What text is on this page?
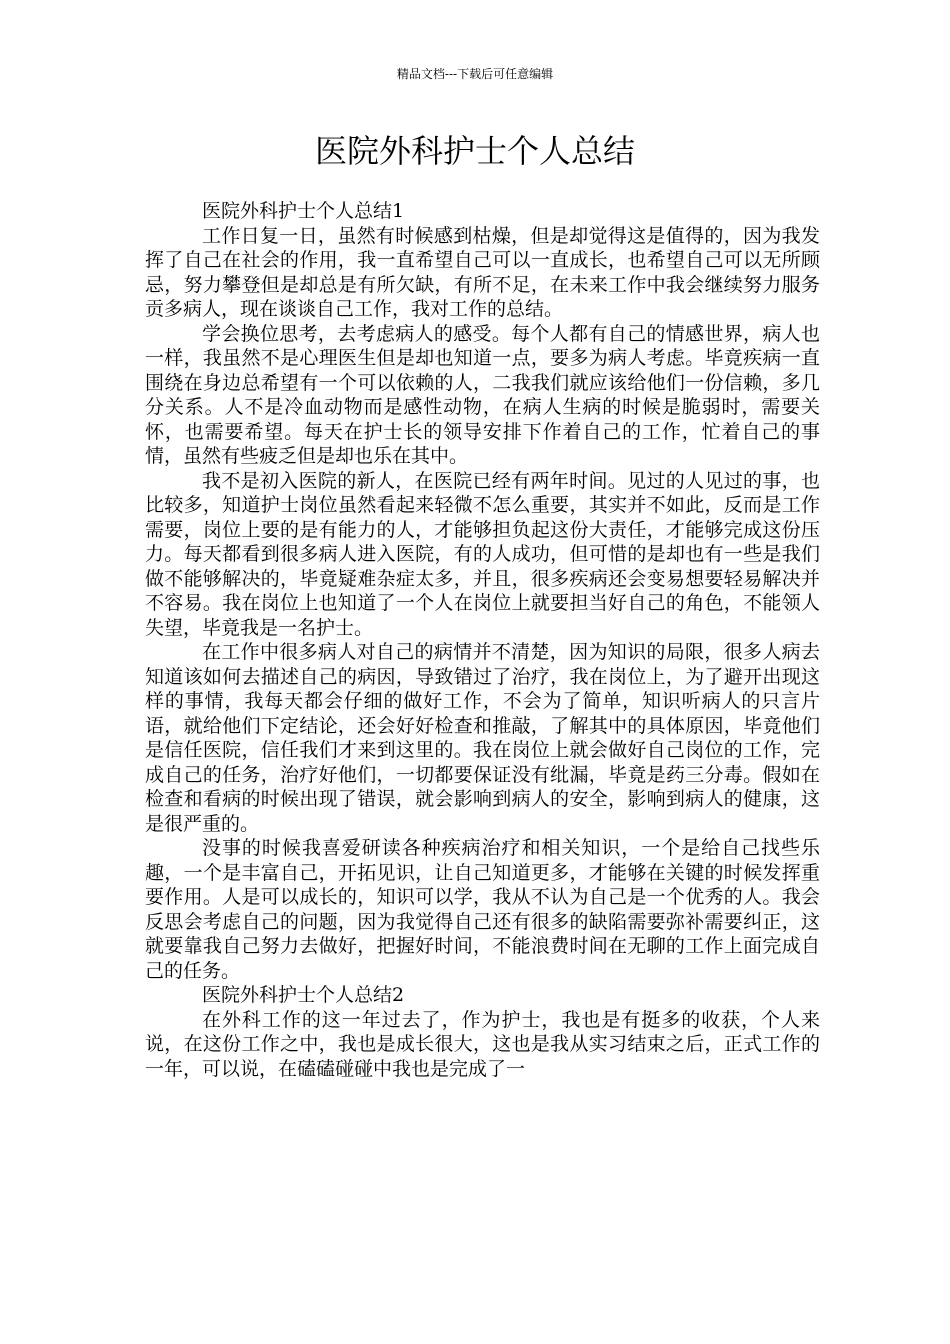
精品文档---下载后可任意编辑
医院外科护士个人总结

医院外科护士个人总结1

工作日复一日，虽然有时候感到枯燥，但是却觉得这是值得的，因为我发挥了自己在社会的作用，我一直希望自己可以一直成长，也希望自己可以无所顾忌，努力攀登但是却总是有所欠缺，有所不足，在未来工作中我会继续努力服务贡多病人，现在谈谈自己工作，我对工作的总结。

学会换位思考，去考虑病人的感受。每个人都有自己的情感世界，病人也一样，我虽然不是心理医生但是却也知道一点，要多为病人考虑。毕竟疾病一直围绕在身边总希望有一个可以依赖的人，二我我们就应该给他们一份信赖，多几分关系。人不是冷血动物而是感性动物，在病人生病的时候是脆弱时，需要关怀，也需要希望。每天在护士长的领导安排下作着自己的工作，忙着自己的事情，虽然有些疲乏但是却也乐在其中。

我不是初入医院的新人，在医院已经有两年时间。见过的人见过的事，也比较多，知道护士岗位虽然看起来轻微不怎么重要，其实并不如此，反而是工作需要，岗位上要的是有能力的人，才能够担负起这份大责任，才能够完成这份压力。每天都看到很多病人进入医院，有的人成功，但可惜的是却也有一些是我们做不能够解决的，毕竟疑难杂症太多，并且，很多疾病还会变易想要轻易解决并不容易。我在岗位上也知道了一个人在岗位上就要担当好自己的角色，不能领人失望，毕竟我是一名护士。

在工作中很多病人对自己的病情并不清楚，因为知识的局限，很多人病去知道该如何去描述自己的病因，导致错过了治疗，我在岗位上，为了避开出现这样的事情，我每天都会仔细的做好工作，不会为了简单，知识听病人的只言片语，就给他们下定结论，还会好好检查和推敲，了解其中的具体原因，毕竟他们是信任医院，信任我们才来到这里的。我在岗位上就会做好自己岗位的工作，完成自己的任务，治疗好他们，一切都要保证没有纰漏，毕竟是药三分毒。假如在检查和看病的时候出现了错误，就会影响到病人的安全，影响到病人的健康，这是很严重的。

没事的时候我喜爱研读各种疾病治疗和相关知识，一个是给自己找些乐趣，一个是丰富自己，开拓见识，让自己知道更多，才能够在关键的时候发挥重要作用。人是可以成长的，知识可以学，我从不认为自己是一个优秀的人。我会反思会考虑自己的问题，因为我觉得自己还有很多的缺陷需要弥补需要纠正，这就要靠我自己努力去做好，把握好时间，不能浪费时间在无聊的工作上面完成自己的任务。

医院外科护士个人总结2

在外科工作的这一年过去了，作为护士，我也是有挺多的收获，个人来说，在这份工作之中，我也是成长很大，这也是我从实习结束之后，正式工作的一年，可以说，在磕磕碰碰中我也是完成了一
